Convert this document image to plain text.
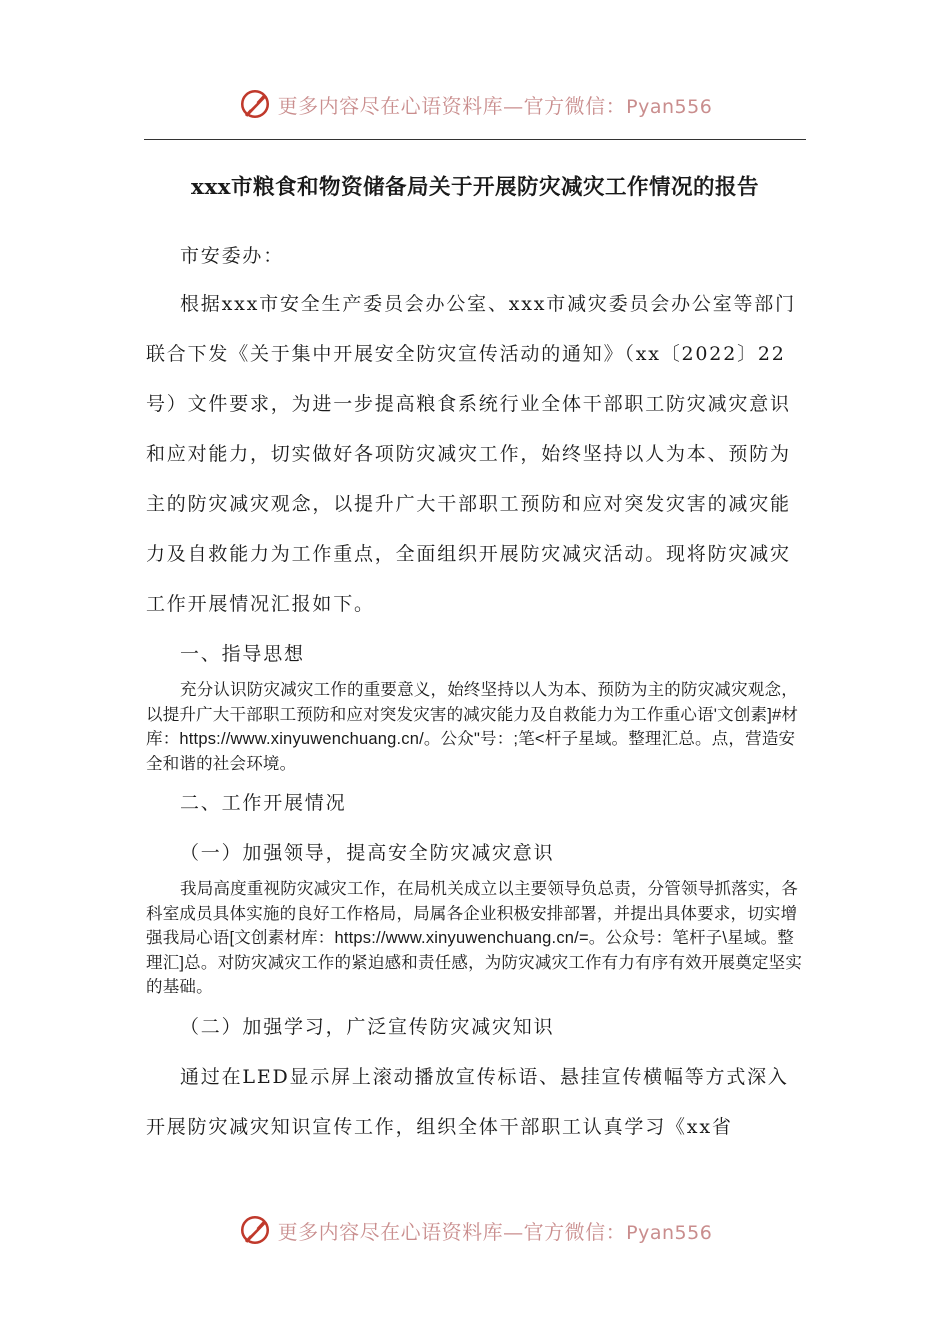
更多内容尽在心语资料库—官方微信：Pyan556
xxx市粮食和物资储备局关于开展防灾减灾工作情况的报告

市安委办：

根据xxx市安全生产委员会办公室、xxx市减灾委员会办公室等部门联合下发《关于集中开展安全防灾宣传活动的通知》（xx〔2022〕22号）文件要求，为进一步提高粮食系统行业全体干部职工防灾减灾意识和应对能力，切实做好各项防灾减灾工作，始终坚持以人为本、预防为主的防灾减灾观念，以提升广大干部职工预防和应对突发灾害的减灾能力及自救能力为工作重点，全面组织开展防灾减灾活动。现将防灾减灾工作开展情况汇报如下。

一、指导思想

充分认识防灾减灾工作的重要意义，始终坚持以人为本、预防为主的防灾减灾观念，以提升广大干部职工预防和应对突发灾害的减灾能力及自救能力为工作重心语'文创素]#材库：https://www.xinyuwenchuang.cn/。公众"号：;笔<杆子星域。整理汇总。点，营造安全和谐的社会环境。

二、工作开展情况

（一）加强领导，提高安全防灾减灾意识

我局高度重视防灾减灾工作，在局机关成立以主要领导负总责，分管领导抓落实，各科室成员具体实施的良好工作格局，局属各企业积极安排部署，并提出具体要求，切实增强我局心语[文创素材库：https://www.xinyuwenchuang.cn/=。公众号：笔杆子\星域。整理汇]总。对防灾减灾工作的紧迫感和责任感，为防灾减灾工作有力有序有效开展奠定坚实的基础。

（二）加强学习，广泛宣传防灾减灾知识

通过在LED显示屏上滚动播放宣传标语、悬挂宣传横幅等方式深入开展防灾减灾知识宣传工作，组织全体干部职工认真学习《xx省

更多内容尽在心语资料库—官方微信：Pyan556
